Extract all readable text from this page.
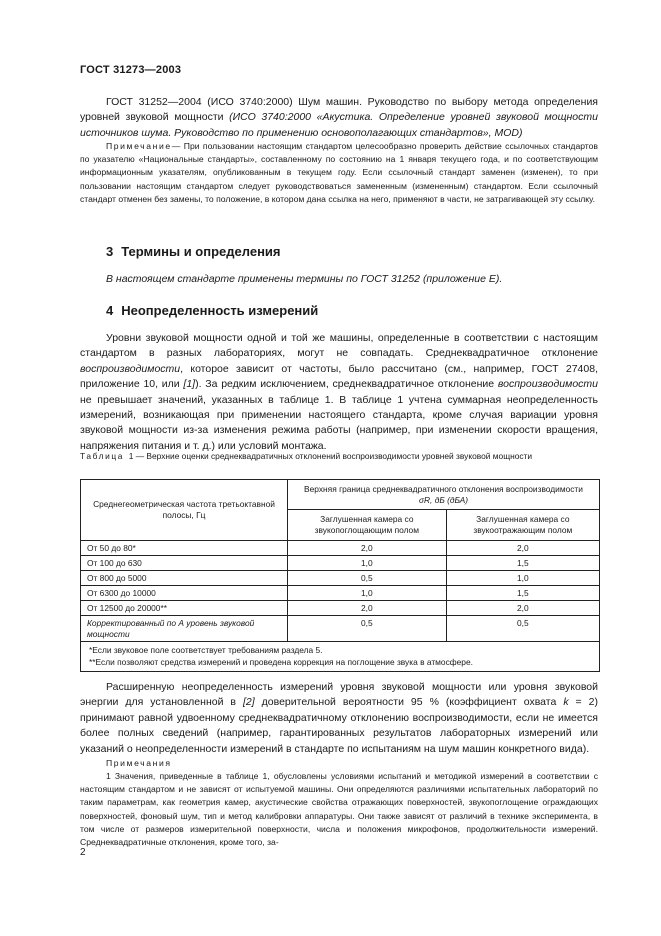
ГОСТ 31273—2003
ГОСТ 31252—2004 (ИСО 3740:2000) Шум машин. Руководство по выбору метода определения уровней звуковой мощности (ИСО 3740:2000 «Акустика. Определение уровней звуковой мощности источников шума. Руководство по применению основополагающих стандартов», MOD)
Примечание— При пользовании настоящим стандартом целесообразно проверить действие ссылочных стандартов по указателю «Национальные стандарты», составленному по состоянию на 1 января текущего года, и по соответствующим информационным указателям, опубликованным в текущем году. Если ссылочный стандарт заменен (изменен), то при пользовании настоящим стандартом следует руководствоваться замененным (измененным) стандартом. Если ссылочный стандарт отменен без замены, то положение, в котором дана ссылка на него, применяют в части, не затрагивающей эту ссылку.
3 Термины и определения
В настоящем стандарте применены термины по ГОСТ 31252 (приложение Е).
4 Неопределенность измерений
Уровни звуковой мощности одной и той же машины, определенные в соответствии с настоящим стандартом в разных лабораториях, могут не совпадать. Среднеквадратичное отклонение воспроизводимости, которое зависит от частоты, было рассчитано (см., например, ГОСТ 27408, приложение 10, или [1]). За редким исключением, среднеквадратичное отклонение воспроизводимости не превышает значений, указанных в таблице 1. В таблице 1 учтена суммарная неопределенность измерений, возникающая при применении настоящего стандарта, кроме случая вариации уровня звуковой мощности из-за изменения режима работы (например, при изменении скорости вращения, напряжения питания и т. д.) или условий монтажа.
Таблица 1 — Верхние оценки среднеквадратичных отклонений воспроизводимости уровней звуковой мощности
Среднегеометрическая частота третьоктавной полосы, Гц	Верхняя граница среднеквадратичного отклонения воспроизводимости
σR, дБ (дБА)	
	Заглушенная камера со звукопоглощающим полом	Заглушенная камера со звукоотражающим полом
От 50 до 80*	2,0	2,0
От 100 до 630	1,0	1,5
От 800 до 5000	0,5	1,0
От 6300 до 10000	1,0	1,5
От 12500 до 20000**	2,0	2,0
Корректированный по А уровень звуковой мощности	0,5	0,5

*Если звуковое поле соответствует требованиям раздела 5.
**Если позволяют средства измерений и проведена коррекция на поглощение звука в атмосфере.		
Расширенную неопределенность измерений уровня звуковой мощности или уровня звуковой энергии для установленной в [2] доверительной вероятности 95 % (коэффициент охвата k = 2) принимают равной удвоенному среднеквадратичному отклонению воспроизводимости, если не имеется более полных сведений (например, гарантированных результатов лабораторных измерений или указаний о неопределенности измерений в стандарте по испытаниям на шум машин конкретного вида).
Примечания
1 Значения, приведенные в таблице 1, обусловлены условиями испытаний и методикой измерений в соответствии с настоящим стандартом и не зависят от испытуемой машины. Они определяются различиями испытательных лабораторий по таким параметрам, как геометрия камер, акустические свойства отражающих поверхностей, звукопоглощение ограждающих поверхностей, фоновый шум, тип и метод калибровки аппаратуры. Они также зависят от различий в технике эксперимента, в том числе от размеров измерительной поверхности, числа и положения микрофонов, продолжительности измерений. Среднеквадратичные отклонения, кроме того, за-
2
